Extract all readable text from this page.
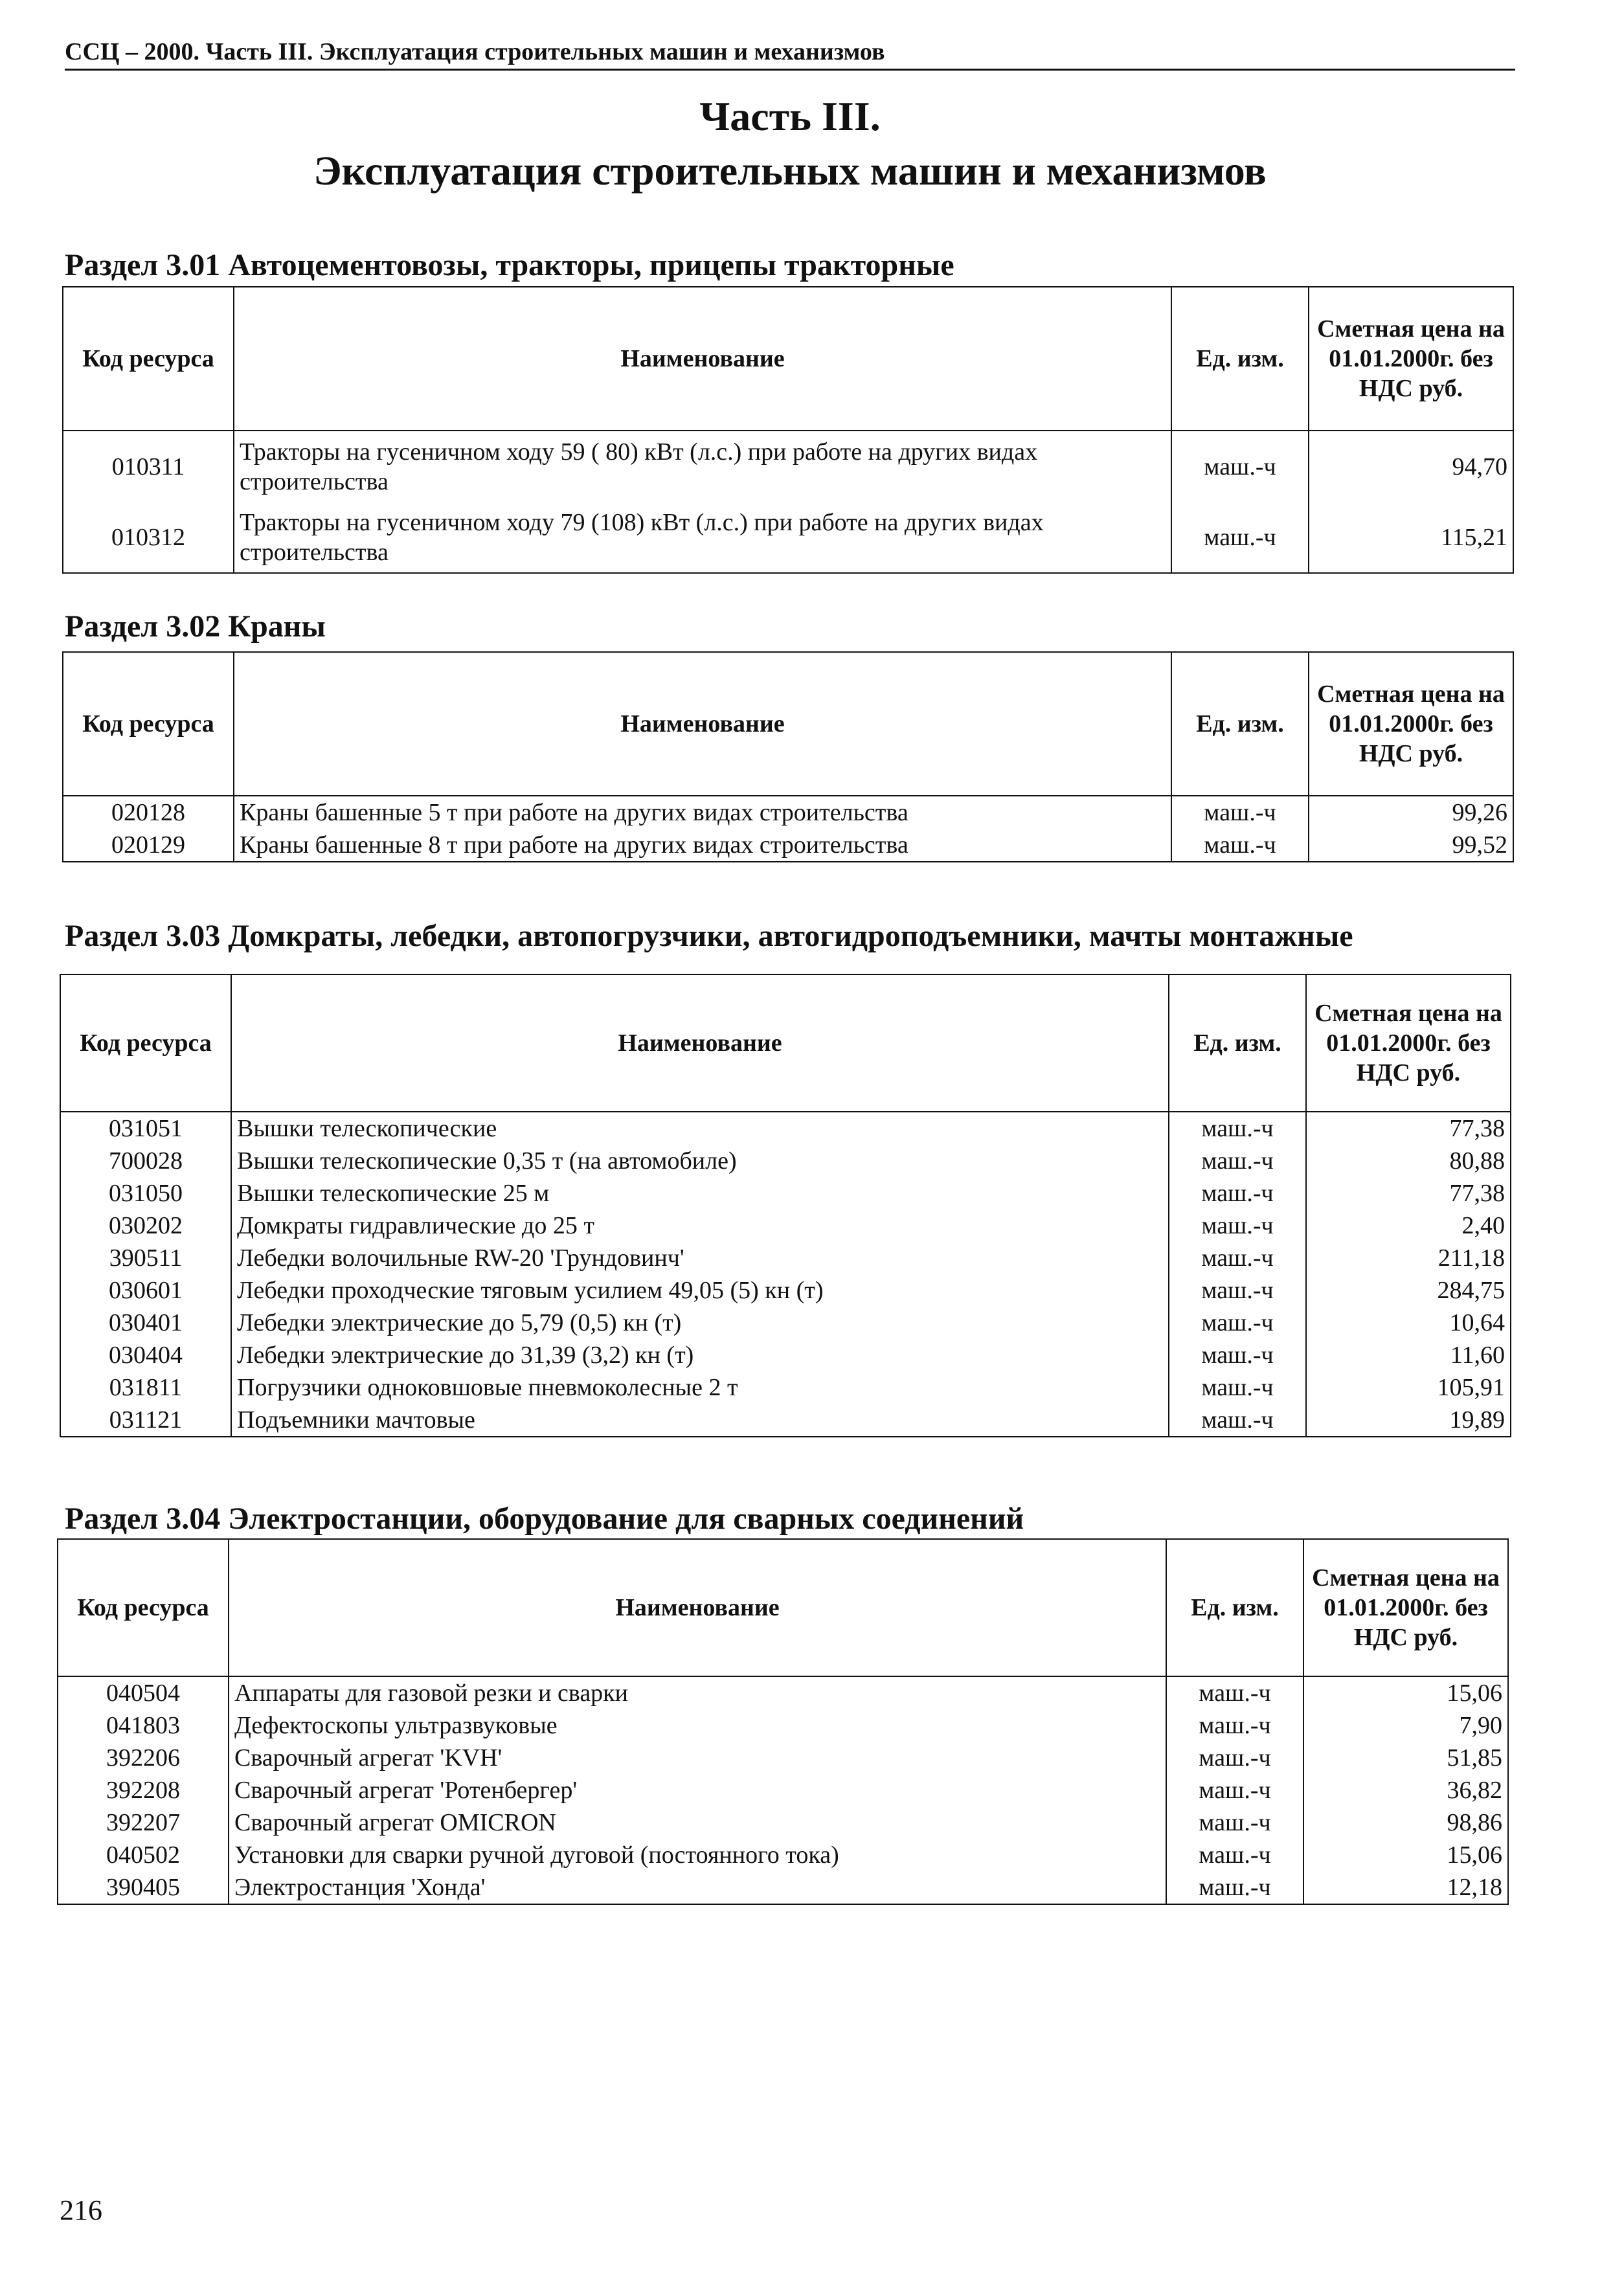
ССЦ – 2000. Часть III. Эксплуатация строительных машин и механизмов
Часть III.
Эксплуатация строительных машин и механизмов
Раздел 3.01 Автоцементовозы, тракторы, прицепы тракторные
Код ресурса	Наименование	Ед. изм.	Сметная цена на 01.01.2000г. без НДС руб.
010311	Тракторы на гусеничном ходу 59 ( 80) кВт (л.с.) при работе на других видах строительства	маш.-ч	94,70
010312	Тракторы на гусеничном ходу 79 (108) кВт (л.с.) при работе на других видах строительства	маш.-ч	115,21
Раздел 3.02 Краны
Код ресурса	Наименование	Ед. изм.	Сметная цена на 01.01.2000г. без НДС руб.
020128	Краны башенные 5 т при работе на других видах строительства	маш.-ч	99,26
020129	Краны башенные 8 т при работе на других видах строительства	маш.-ч	99,52
Раздел 3.03 Домкраты, лебедки, автопогрузчики, автогидроподъемники, мачты монтажные
Код ресурса	Наименование	Ед. изм.	Сметная цена на 01.01.2000г. без НДС руб.
031051	Вышки телескопические	маш.-ч	77,38
700028	Вышки телескопические 0,35 т (на автомобиле)	маш.-ч	80,88
031050	Вышки телескопические 25 м	маш.-ч	77,38
030202	Домкраты гидравлические до 25 т	маш.-ч	2,40
390511	Лебедки волочильные RW-20 'Грундовинч'	маш.-ч	211,18
030601	Лебедки проходческие тяговым усилием 49,05 (5) кн (т)	маш.-ч	284,75
030401	Лебедки электрические до 5,79 (0,5) кн (т)	маш.-ч	10,64
030404	Лебедки электрические до 31,39 (3,2) кн (т)	маш.-ч	11,60
031811	Погрузчики одноковшовые пневмоколесные 2 т	маш.-ч	105,91
031121	Подъемники мачтовые	маш.-ч	19,89
Раздел 3.04 Электростанции, оборудование для сварных соединений
Код ресурса	Наименование	Ед. изм.	Сметная цена на 01.01.2000г. без НДС руб.
040504	Аппараты для газовой резки и сварки	маш.-ч	15,06
041803	Дефектоскопы ультразвуковые	маш.-ч	7,90
392206	Сварочный агрегат 'KVH'	маш.-ч	51,85
392208	Сварочный агрегат 'Ротенбергер'	маш.-ч	36,82
392207	Сварочный агрегат OMICRON	маш.-ч	98,86
040502	Установки для сварки ручной дуговой (постоянного тока)	маш.-ч	15,06
390405	Электростанция 'Хонда'	маш.-ч	12,18
216
